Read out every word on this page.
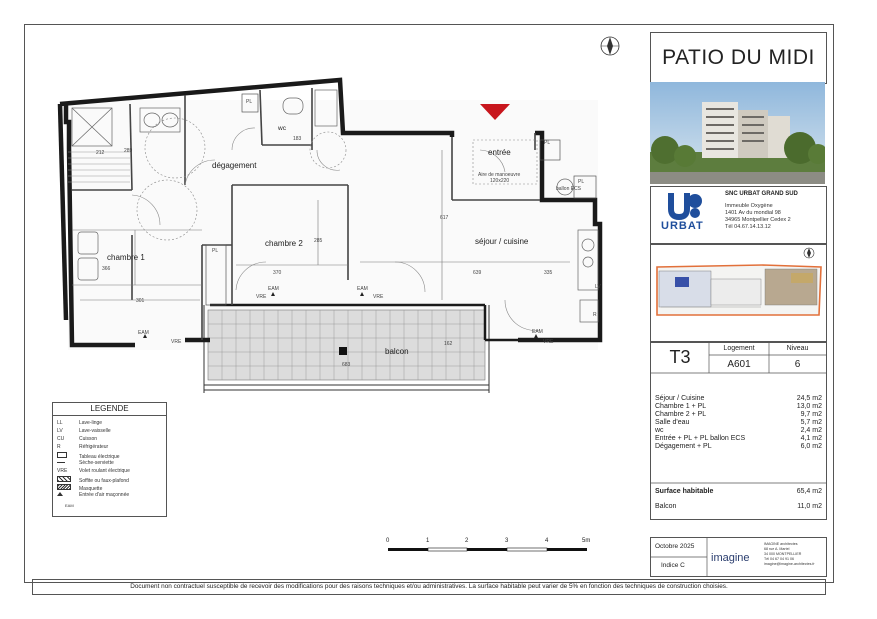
dégagement
chambre 1
chambre 2	séjour / cuisine
entrée
wc
balcon
PL
PL
PL
PL
ballon ECS
Aire de manoeuvre
120x220
LV
R
EAM
EAM	EAM
EAM
VRE	VRE
VRE
VRE
289
370	639
285
617
301
366
683
162
183
212
335
PATIO DU MIDI
URBAT
SNC URBAT GRAND SUD
Immeuble Oxygène
1401 Av du mondial 98
34965 Montpellier Cedex 2
Tél 04.67.14.13.12
T3	Logement	Niveau
A601	6
Séjour / Cuisine	24,5 m2
Chambre 1 + PL	13,0 m2
Chambre 2 + PL	9,7 m2
Salle d'eau	5,7 m2
wc	2,4 m2
Entrée + PL + PL ballon ECS	4,1 m2
Dégagement + PL	6,0 m2
Surface habitable	65,4 m2
Balcon	11,0 m2
LEGENDE
LL	Lave-linge
LV	Lave-vaisselle
CU	Cuisson
R	Réfrigérateur
Tableau électrique
Sèche-serviette
VRE Volet roulant électrique
Soffite ou faux-plafond
Masquette
Entrée d'air maçonnée
EAM
0	1	2	3	4	5m
Octobre 2025
Indice C
imagine
IMAGINE architectes
68 rue A. Martel
34 000 MONTPELLIER
Tél 04 67 04 91 06
imagine@imagine-architectes.fr
Document non contractuel susceptible de recevoir des modifications pour des raisons techniques et/ou administratives. La surface habitable peut varier de 5% en fonction des techniques de construction choisies.
